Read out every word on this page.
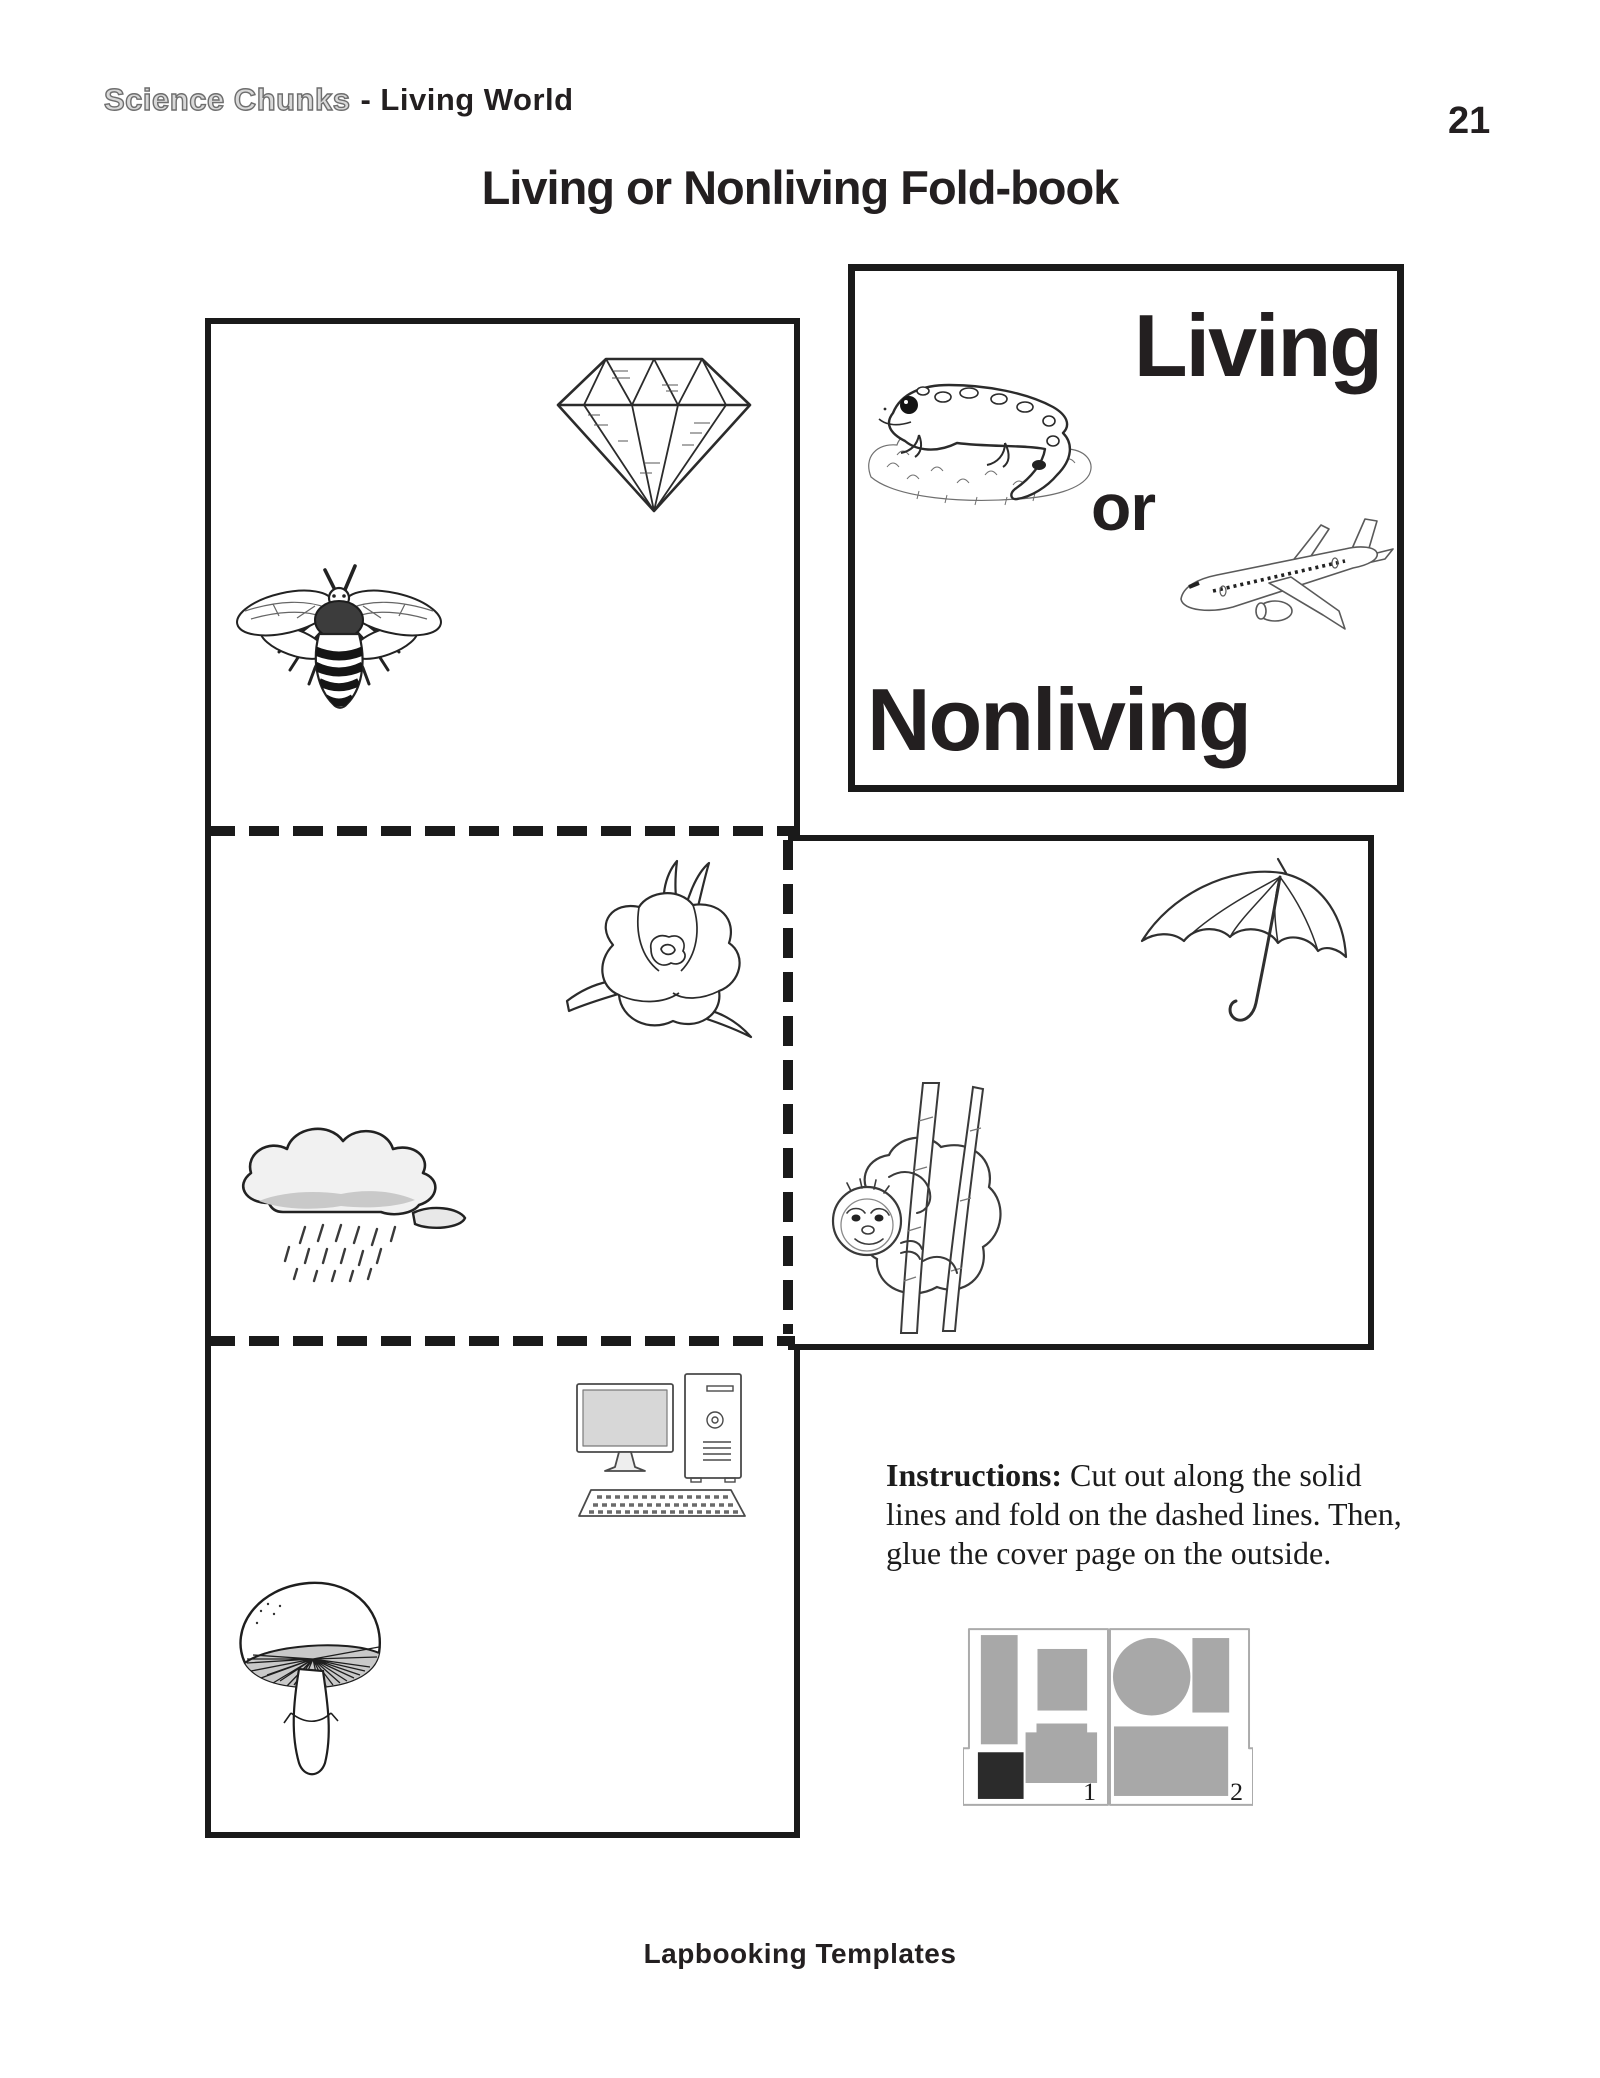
Science Chunks - Living World
21
Living or Nonliving Fold-book
Living
or
Nonliving

Instructions: Cut out along the solid lines and fold on the dashed lines. Then, glue the cover page on the outside.

1	2
Lapbooking Templates
